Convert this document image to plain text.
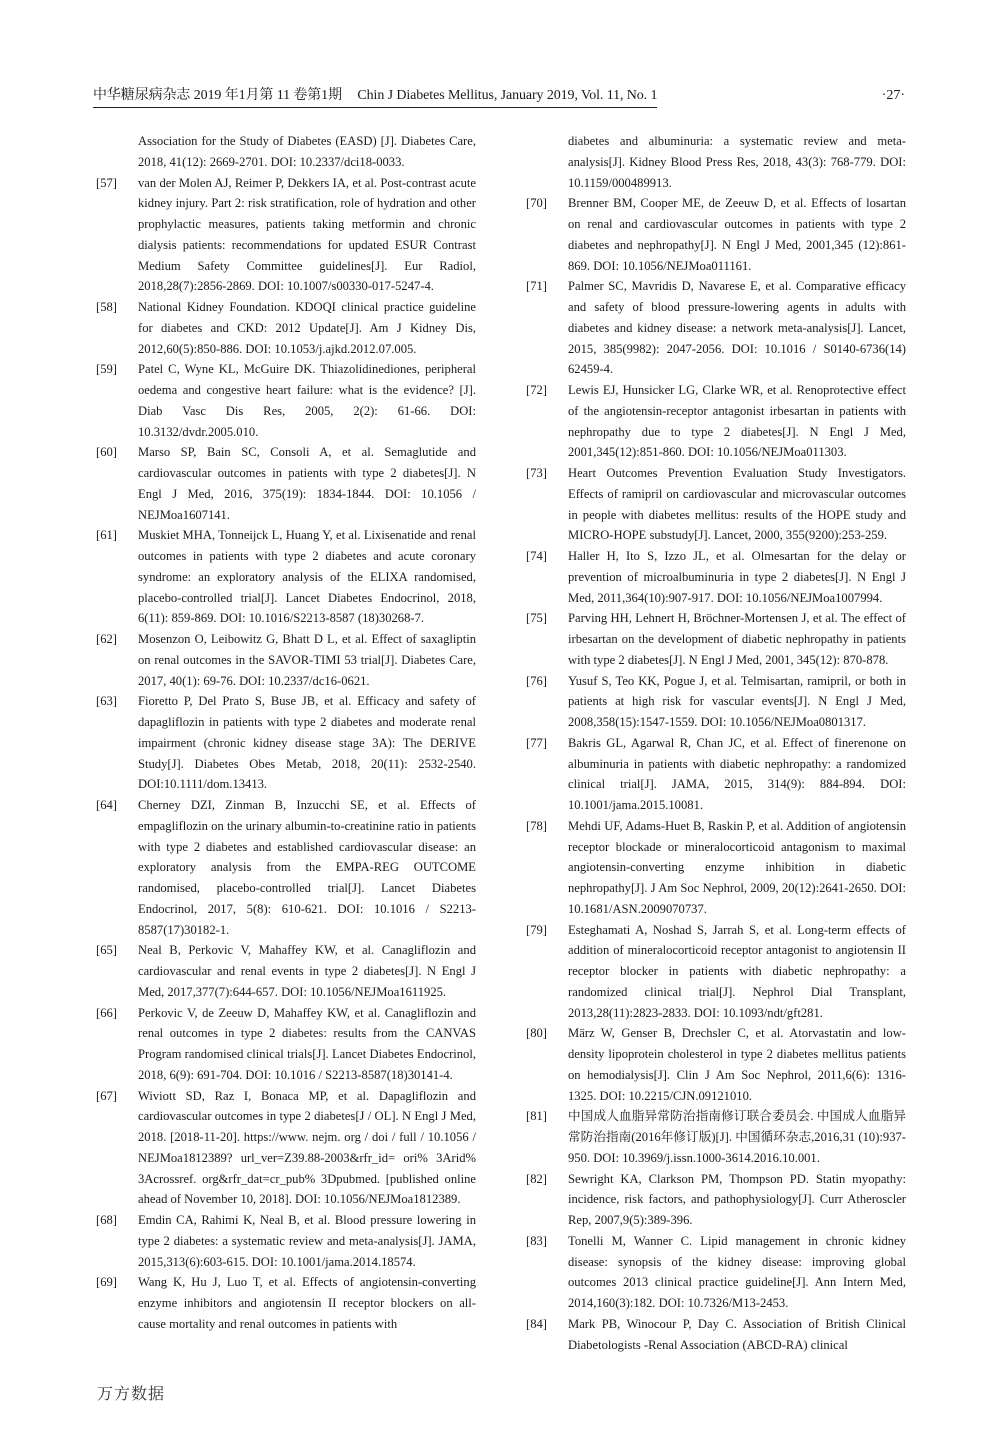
中华糖尿病杂志 2019 年1月第 11 卷第1期 Chin J Diabetes Mellitus, January 2019, Vol. 11, No. 1	·27·
Association for the Study of Diabetes (EASD) [J]. Diabetes Care, 2018, 41(12): 2669-2701. DOI: 10.2337/dci18-0033.
[57] van der Molen AJ, Reimer P, Dekkers IA, et al. Post-contrast acute kidney injury. Part 2: risk stratification, role of hydration and other prophylactic measures, patients taking metformin and chronic dialysis patients: recommendations for updated ESUR Contrast Medium Safety Committee guidelines[J]. Eur Radiol, 2018,28(7):2856-2869. DOI: 10.1007/s00330-017-5247-4.
[58] National Kidney Foundation. KDOQI clinical practice guideline for diabetes and CKD: 2012 Update[J]. Am J Kidney Dis, 2012,60(5):850-886. DOI: 10.1053/j.ajkd.2012.07.005.
[59] Patel C, Wyne KL, McGuire DK. Thiazolidinediones, peripheral oedema and congestive heart failure: what is the evidence? [J]. Diab Vasc Dis Res, 2005, 2(2): 61-66. DOI: 10.3132/dvdr.2005.010.
[60] Marso SP, Bain SC, Consoli A, et al. Semaglutide and cardiovascular outcomes in patients with type 2 diabetes[J]. N Engl J Med, 2016, 375(19): 1834-1844. DOI: 10.1056 / NEJMoa1607141.
[61] Muskiet MHA, Tonneijck L, Huang Y, et al. Lixisenatide and renal outcomes in patients with type 2 diabetes and acute coronary syndrome: an exploratory analysis of the ELIXA randomised, placebo-controlled trial[J]. Lancet Diabetes Endocrinol, 2018, 6(11): 859-869. DOI: 10.1016/S2213-8587 (18)30268-7.
[62] Mosenzon O, Leibowitz G, Bhatt D L, et al. Effect of saxagliptin on renal outcomes in the SAVOR-TIMI 53 trial[J]. Diabetes Care, 2017, 40(1): 69-76. DOI: 10.2337/dc16-0621.
[63] Fioretto P, Del Prato S, Buse JB, et al. Efficacy and safety of dapagliflozin in patients with type 2 diabetes and moderate renal impairment (chronic kidney disease stage 3A): The DERIVE Study[J]. Diabetes Obes Metab, 2018, 20(11): 2532-2540. DOI:10.1111/dom.13413.
[64] Cherney DZI, Zinman B, Inzucchi SE, et al. Effects of empagliflozin on the urinary albumin-to-creatinine ratio in patients with type 2 diabetes and established cardiovascular disease: an exploratory analysis from the EMPA-REG OUTCOME randomised, placebo-controlled trial[J]. Lancet Diabetes Endocrinol, 2017, 5(8): 610-621. DOI: 10.1016 / S2213-8587(17)30182-1.
[65] Neal B, Perkovic V, Mahaffey KW, et al. Canagliflozin and cardiovascular and renal events in type 2 diabetes[J]. N Engl J Med, 2017,377(7):644-657. DOI: 10.1056/NEJMoa1611925.
[66] Perkovic V, de Zeeuw D, Mahaffey KW, et al. Canagliflozin and renal outcomes in type 2 diabetes: results from the CANVAS Program randomised clinical trials[J]. Lancet Diabetes Endocrinol, 2018, 6(9): 691-704. DOI: 10.1016 / S2213-8587(18)30141-4.
[67] Wiviott SD, Raz I, Bonaca MP, et al. Dapagliflozin and cardiovascular outcomes in type 2 diabetes[J / OL]. N Engl J Med, 2018. [2018-11-20]. https://www. nejm. org / doi / full / 10.1056 / NEJMoa1812389? url_ver=Z39.88-2003&rfr_id= ori% 3Arid% 3Acrossref. org&rfr_dat=cr_pub% 3Dpubmed. [published online ahead of November 10, 2018]. DOI: 10.1056/NEJMoa1812389.
[68] Emdin CA, Rahimi K, Neal B, et al. Blood pressure lowering in type 2 diabetes: a systematic review and meta-analysis[J]. JAMA, 2015,313(6):603-615. DOI: 10.1001/jama.2014.18574.
[69] Wang K, Hu J, Luo T, et al. Effects of angiotensin-converting enzyme inhibitors and angiotensin II receptor blockers on all-cause mortality and renal outcomes in patients with
diabetes and albuminuria: a systematic review and meta-analysis[J]. Kidney Blood Press Res, 2018, 43(3): 768-779. DOI: 10.1159/000489913.
[70] Brenner BM, Cooper ME, de Zeeuw D, et al. Effects of losartan on renal and cardiovascular outcomes in patients with type 2 diabetes and nephropathy[J]. N Engl J Med, 2001,345 (12):861-869. DOI: 10.1056/NEJMoa011161.
[71] Palmer SC, Mavridis D, Navarese E, et al. Comparative efficacy and safety of blood pressure-lowering agents in adults with diabetes and kidney disease: a network meta-analysis[J]. Lancet, 2015, 385(9982): 2047-2056. DOI: 10.1016 / S0140-6736(14) 62459-4.
[72] Lewis EJ, Hunsicker LG, Clarke WR, et al. Renoprotective effect of the angiotensin-receptor antagonist irbesartan in patients with nephropathy due to type 2 diabetes[J]. N Engl J Med, 2001,345(12):851-860. DOI: 10.1056/NEJMoa011303.
[73] Heart Outcomes Prevention Evaluation Study Investigators. Effects of ramipril on cardiovascular and microvascular outcomes in people with diabetes mellitus: results of the HOPE study and MICRO-HOPE substudy[J]. Lancet, 2000, 355(9200):253-259.
[74] Haller H, Ito S, Izzo JL, et al. Olmesartan for the delay or prevention of microalbuminuria in type 2 diabetes[J]. N Engl J Med, 2011,364(10):907-917. DOI: 10.1056/NEJMoa1007994.
[75] Parving HH, Lehnert H, Bröchner-Mortensen J, et al. The effect of irbesartan on the development of diabetic nephropathy in patients with type 2 diabetes[J]. N Engl J Med, 2001, 345(12): 870-878.
[76] Yusuf S, Teo KK, Pogue J, et al. Telmisartan, ramipril, or both in patients at high risk for vascular events[J]. N Engl J Med, 2008,358(15):1547-1559. DOI: 10.1056/NEJMoa0801317.
[77] Bakris GL, Agarwal R, Chan JC, et al. Effect of finerenone on albuminuria in patients with diabetic nephropathy: a randomized clinical trial[J]. JAMA, 2015, 314(9): 884-894. DOI: 10.1001/jama.2015.10081.
[78] Mehdi UF, Adams-Huet B, Raskin P, et al. Addition of angiotensin receptor blockade or mineralocorticoid antagonism to maximal angiotensin-converting enzyme inhibition in diabetic nephropathy[J]. J Am Soc Nephrol, 2009, 20(12):2641-2650. DOI: 10.1681/ASN.2009070737.
[79] Esteghamati A, Noshad S, Jarrah S, et al. Long-term effects of addition of mineralocorticoid receptor antagonist to angiotensin II receptor blocker in patients with diabetic nephropathy: a randomized clinical trial[J]. Nephrol Dial Transplant, 2013,28(11):2823-2833. DOI: 10.1093/ndt/gft281.
[80] März W, Genser B, Drechsler C, et al. Atorvastatin and low-density lipoprotein cholesterol in type 2 diabetes mellitus patients on hemodialysis[J]. Clin J Am Soc Nephrol, 2011,6(6): 1316-1325. DOI: 10.2215/CJN.09121010.
[81] 中国成人血脂异常防治指南修订联合委员会. 中国成人血脂异常防治指南(2016年修订版)[J]. 中国循环杂志,2016,31 (10):937-950. DOI: 10.3969/j.issn.1000-3614.2016.10.001.
[82] Sewright KA, Clarkson PM, Thompson PD. Statin myopathy: incidence, risk factors, and pathophysiology[J]. Curr Atheroscler Rep, 2007,9(5):389-396.
[83] Tonelli M, Wanner C. Lipid management in chronic kidney disease: synopsis of the kidney disease: improving global outcomes 2013 clinical practice guideline[J]. Ann Intern Med, 2014,160(3):182. DOI: 10.7326/M13-2453.
[84] Mark PB, Winocour P, Day C. Association of British Clinical Diabetologists -Renal Association (ABCD-RA) clinical
万方数据
